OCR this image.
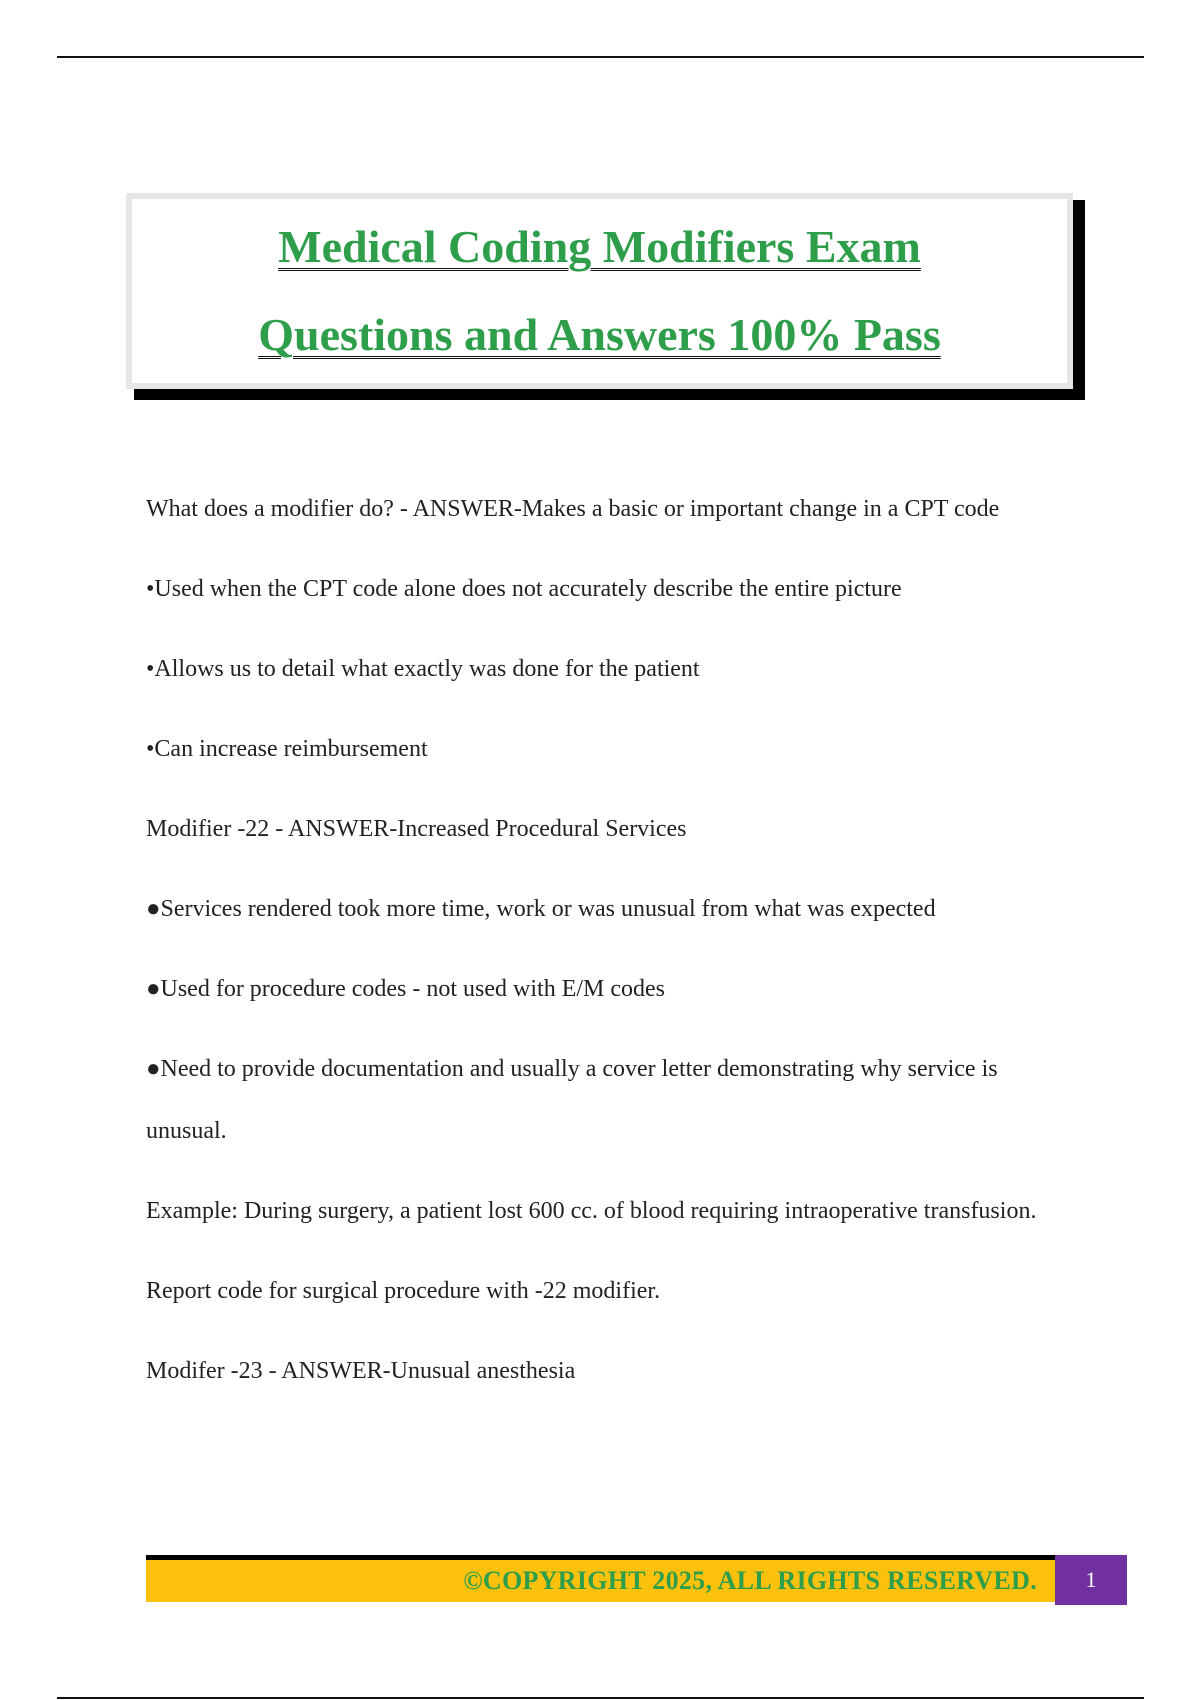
Medical Coding Modifiers Exam
Questions and Answers 100% Pass

What does a modifier do? - ANSWER-Makes a basic or important change in a CPT code

•Used when the CPT code alone does not accurately describe the entire picture

•Allows us to detail what exactly was done for the patient

•Can increase reimbursement

Modifier -22 - ANSWER-Increased Procedural Services

●Services rendered took more time, work or was unusual from what was expected

●Used for procedure codes - not used with E/M codes

●Need to provide documentation and usually a cover letter demonstrating why service is unusual.

Example: During surgery, a patient lost 600 cc. of blood requiring intraoperative transfusion.

Report code for surgical procedure with -22 modifier.

Modifer -23 - ANSWER-Unusual anesthesia

©COPYRIGHT 2025, ALL RIGHTS RESERVED. 1
